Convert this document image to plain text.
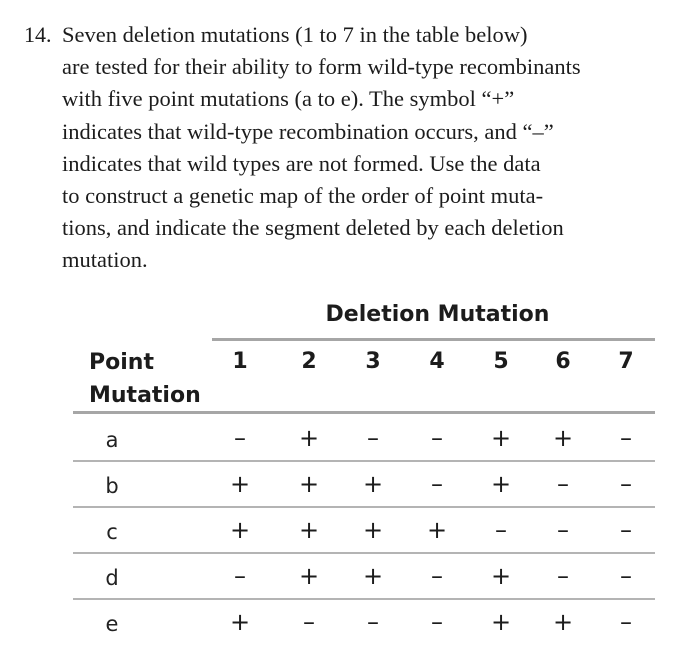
14. Seven deletion mutations (1 to 7 in the table below)
are tested for their ability to form wild-type recombinants
with five point mutations (a to e). The symbol “+”
indicates that wild-type recombination occurs, and “–”
indicates that wild types are not formed. Use the data
to construct a genetic map of the order of point muta-
tions, and indicate the segment deleted by each deletion
mutation.

Deletion Mutation
Point
Mutation
1	2	3	4	5	6	7
a	–	+	–	–	+	+	–
b	+	+	+	–	+	–	–
c	+	+	+	+	–	–	–
d	–	+	+	–	+	–	–
e	+	–	–	–	+	+	–
